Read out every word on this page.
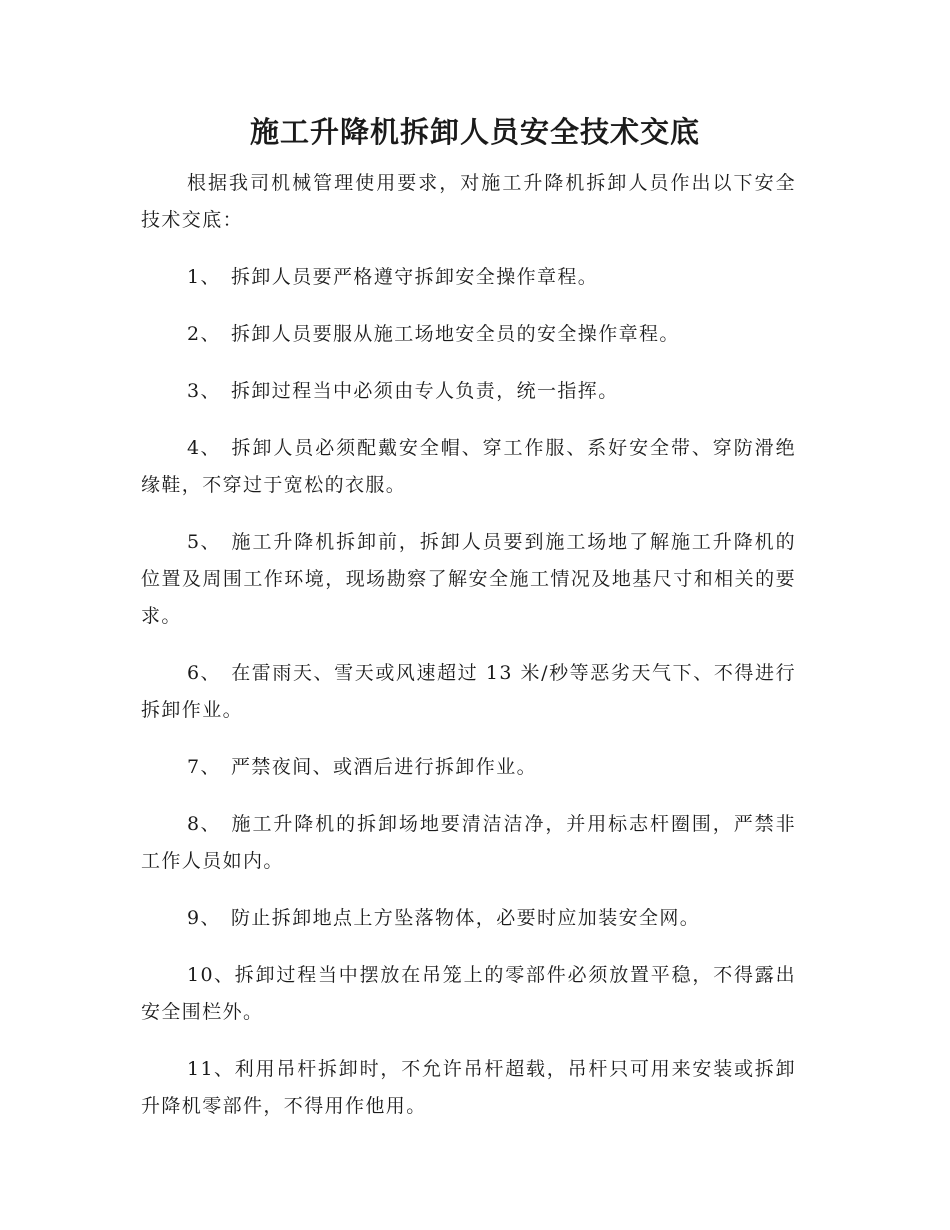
施工升降机拆卸人员安全技术交底

根据我司机械管理使用要求，对施工升降机拆卸人员作出以下安全技术交底：

1、 拆卸人员要严格遵守拆卸安全操作章程。

2、 拆卸人员要服从施工场地安全员的安全操作章程。

3、 拆卸过程当中必须由专人负责，统一指挥。

4、 拆卸人员必须配戴安全帽、穿工作服、系好安全带、穿防滑绝缘鞋，不穿过于宽松的衣服。

5、 施工升降机拆卸前，拆卸人员要到施工场地了解施工升降机的位置及周围工作环境，现场勘察了解安全施工情况及地基尺寸和相关的要求。

6、 在雷雨天、雪天或风速超过 13 米/秒等恶劣天气下、不得进行拆卸作业。

7、 严禁夜间、或酒后进行拆卸作业。

8、 施工升降机的拆卸场地要清洁洁净，并用标志杆圈围，严禁非工作人员如内。

9、 防止拆卸地点上方坠落物体，必要时应加装安全网。

10、拆卸过程当中摆放在吊笼上的零部件必须放置平稳，不得露出安全围栏外。

11、利用吊杆拆卸时，不允许吊杆超载，吊杆只可用来安装或拆卸升降机零部件，不得用作他用。
